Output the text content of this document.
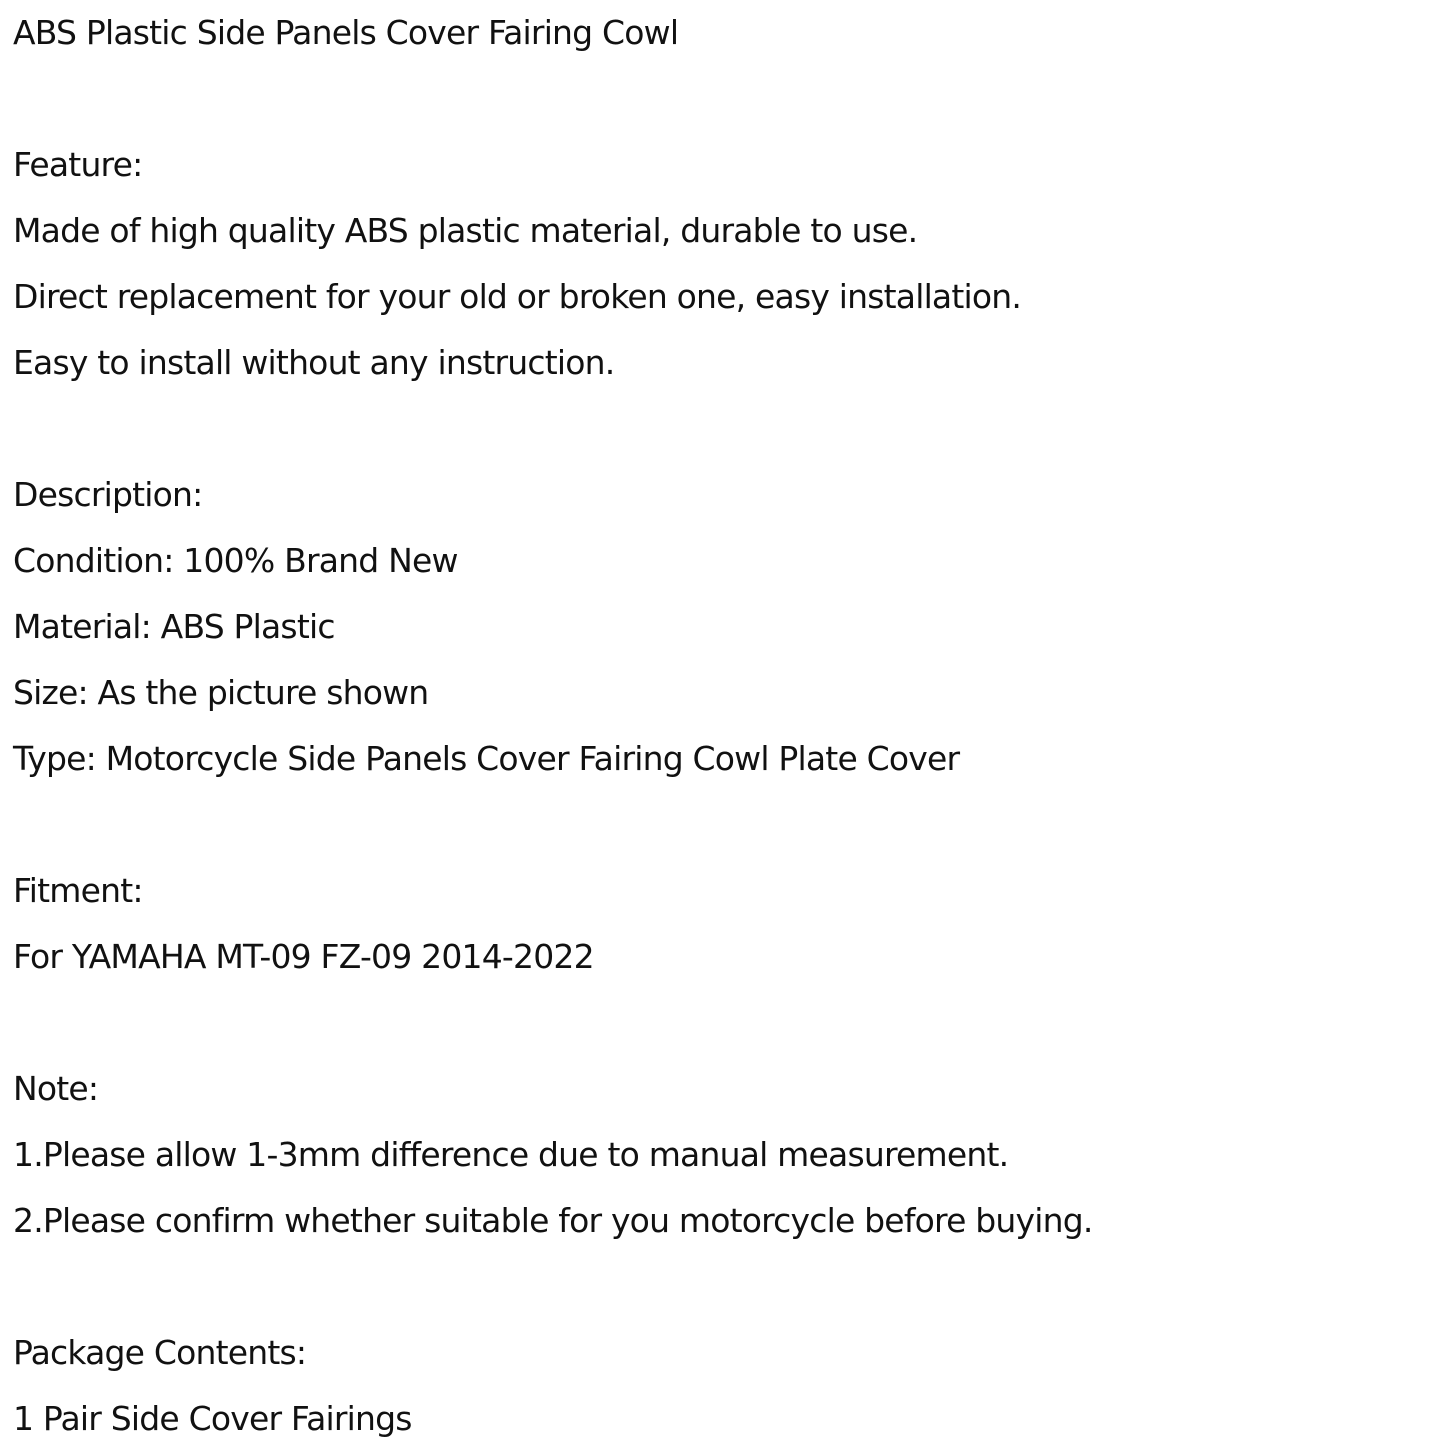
ABS Plastic Side Panels Cover Fairing Cowl
Feature:
Made of high quality ABS plastic material, durable to use.
Direct replacement for your old or broken one, easy installation.
Easy to install without any instruction.
Description:
Condition: 100% Brand New
Material: ABS Plastic
Size: As the picture shown
Type: Motorcycle Side Panels Cover Fairing Cowl Plate Cover
Fitment:
For YAMAHA MT-09 FZ-09 2014-2022
Note:
1.Please allow 1-3mm difference due to manual measurement.
2.Please confirm whether suitable for you motorcycle before buying.
Package Contents:
1 Pair Side Cover Fairings
